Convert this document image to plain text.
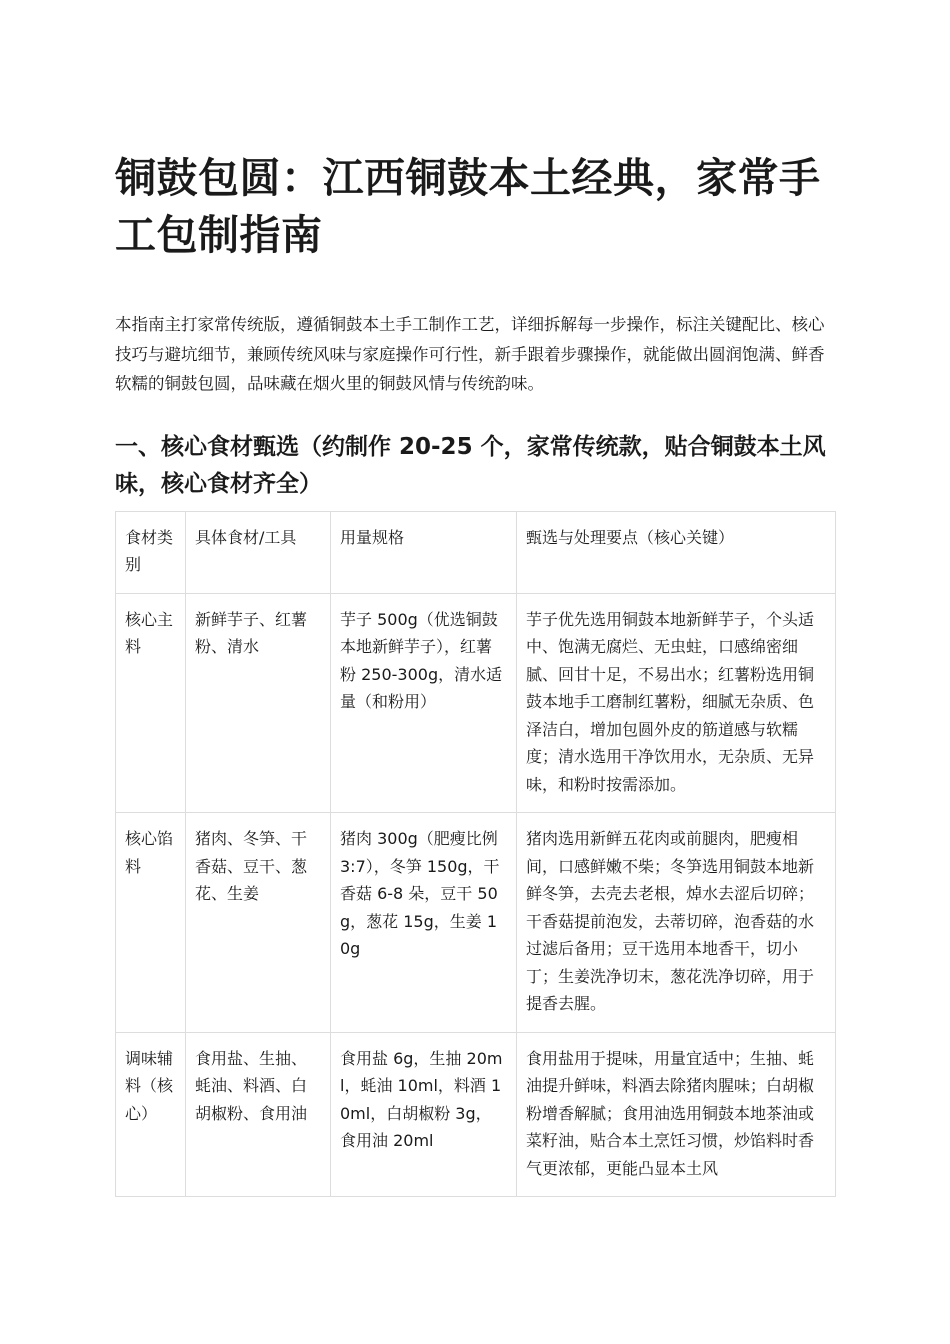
铜鼓包圆：江西铜鼓本土经典，家常手工包制指南

本指南主打家常传统版，遵循铜鼓本土手工制作工艺，详细拆解每一步操作，标注关键配比、核心技巧与避坑细节，兼顾传统风味与家庭操作可行性，新手跟着步骤操作，就能做出圆润饱满、鲜香软糯的铜鼓包圆，品味藏在烟火里的铜鼓风情与传统韵味。

一、核心食材甄选（约制作 20-25 个，家常传统款，贴合铜鼓本土风味，核心食材齐全）
食材类别	具体食材/工具	用量规格	甄选与处理要点（核心关键）
核心主料	新鲜芋子、红薯粉、清水	芋子 500g（优选铜鼓本地新鲜芋子），红薯粉 250-300g，清水适量（和粉用）	芋子优先选用铜鼓本地新鲜芋子，个头适中、饱满无腐烂、无虫蛀，口感绵密细腻、回甘十足，不易出水；红薯粉选用铜鼓本地手工磨制红薯粉，细腻无杂质、色泽洁白，增加包圆外皮的筋道感与软糯度；清水选用干净饮用水，无杂质、无异味，和粉时按需添加。
核心馅料	猪肉、冬笋、干香菇、豆干、葱花、生姜	猪肉 300g（肥瘦比例 3:7），冬笋 150g，干香菇 6-8 朵，豆干 50g，葱花 15g，生姜 10g	猪肉选用新鲜五花肉或前腿肉，肥瘦相间，口感鲜嫩不柴；冬笋选用铜鼓本地新鲜冬笋，去壳去老根，焯水去涩后切碎；干香菇提前泡发，去蒂切碎，泡香菇的水过滤后备用；豆干选用本地香干，切小丁；生姜洗净切末，葱花洗净切碎，用于提香去腥。
调味辅料（核心）	食用盐、生抽、蚝油、料酒、白胡椒粉、食用油	食用盐 6g，生抽 20ml，蚝油 10ml，料酒 10ml，白胡椒粉 3g，食用油 20ml	食用盐用于提味，用量宜适中；生抽、蚝油提升鲜味，料酒去除猪肉腥味；白胡椒粉增香解腻；食用油选用铜鼓本地茶油或菜籽油，贴合本土烹饪习惯，炒馅料时香气更浓郁，更能凸显本土风
